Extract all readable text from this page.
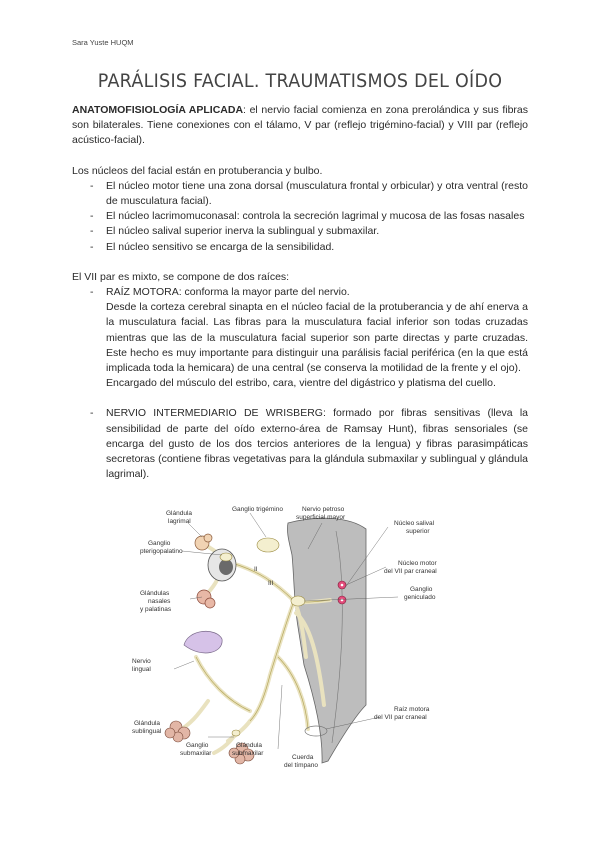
Sara Yuste HUQM
PARÁLISIS FACIAL. TRAUMATISMOS DEL OÍDO

ANATOMOFISIOLOGÍA APLICADA: el nervio facial comienza en zona prerolándica y sus fibras son bilaterales. Tiene conexiones con el tálamo, V par (reflejo trigémino-facial) y VIII par (reflejo acústico-facial).

Los núcleos del facial están en protuberancia y bulbo.

- El núcleo motor tiene una zona dorsal (musculatura frontal y orbicular) y otra ventral (resto de musculatura facial).
- El núcleo lacrimomuconasal: controla la secreción lagrimal y mucosa de las fosas nasales
- El núcleo salival superior inerva la sublingual y submaxilar.
- El núcleo sensitivo se encarga de la sensibilidad.

El VII par es mixto, se compone de dos raíces:

- RAÍZ MOTORA: conforma la mayor parte del nervio.
Desde la corteza cerebral sinapta en el núcleo facial de la protuberancia y de ahí enerva a la musculatura facial. Las fibras para la musculatura facial inferior son todas cruzadas mientras que las de la musculatura facial superior son parte directas y parte cruzadas. Este hecho es muy importante para distinguir una parálisis facial periférica (en la que está implicada toda la hemicara) de una central (se conserva la motilidad de la frente y el ojo).
Encargado del músculo del estribo, cara, vientre del digástrico y platisma del cuello.
- NERVIO INTERMEDIARIO DE WRISBERG: formado por fibras sensitivas (lleva la sensibilidad de parte del oído externo-área de Ramsay Hunt), fibras sensoriales (se encarga del gusto de los dos tercios anteriores de la lengua) y fibras parasimpáticas secretoras (contiene fibras vegetativas para la glándula submaxilar y sublingual y glándula lagrimal).
Glándula
lagrimal
Ganglio trigémino	Nervio petroso
superficial mayor
Núcleo salival
superior
Ganglio
pterigopalatino
Núcleo motor
del VII par craneal
Glándulas
nasales
y palatinas
Ganglio
geniculado
Nervio
lingual
Glándula
sublingual
Raíz motora
del VII par craneal
Cuerda
del tímpano
Ganglio
submaxilar
Glándula
submaxilar
II
III
